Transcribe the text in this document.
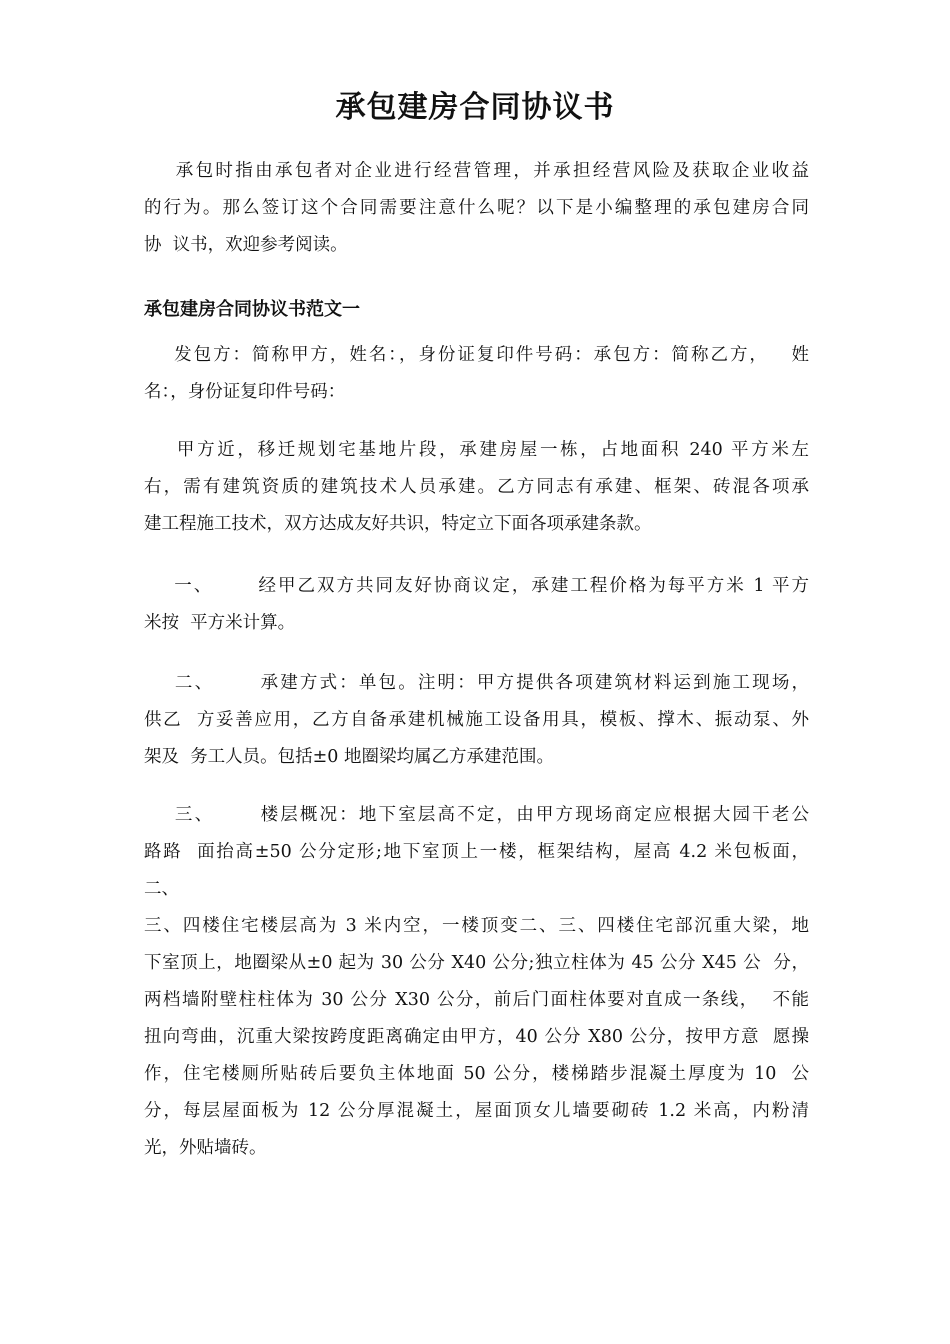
承包建房合同协议书
承包时指由承包者对企业进行经营管理，并承担经营风险及获取企业收益
的行为。那么签订这个合同需要注意什么呢？以下是小编整理的承包建房合同
协  议书，欢迎参考阅读。
承包建房合同协议书范文一
发包方：简称甲方，姓名：，身份证复印件号码：承包方：简称乙方，   姓
名：，身份证复印件号码：
甲方近，移迁规划宅基地片段，承建房屋一栋，占地面积 240 平方米左
右，需有建筑资质的建筑技术人员承建。乙方同志有承建、框架、砖混各项承
建工程施工技术，双方达成友好共识，特定立下面各项承建条款。
一、      经甲乙双方共同友好协商议定，承建工程价格为每平方米 1 平方
米按  平方米计算。
二、      承建方式：单包。注明：甲方提供各项建筑材料运到施工现场，
供乙  方妥善应用，乙方自备承建机械施工设备用具，模板、撑木、振动泵、外
架及  务工人员。包括±0 地圈梁均属乙方承建范围。
三、      楼层概况：地下室层高不定，由甲方现场商定应根据大园干老公
路路  面抬高±50 公分定形;地下室顶上一楼，框架结构，屋高 4.2 米包板面，
二、
三、四楼住宅楼层高为 3 米内空，一楼顶变二、三、四楼住宅部沉重大梁，地
下室顶上，地圈梁从±0 起为 30 公分 X40 公分;独立柱体为 45 公分 X45 公  分，
两档墙附壁柱柱体为 30 公分 X30 公分，前后门面柱体要对直成一条线，  不能
扭向弯曲，沉重大梁按跨度距离确定由甲方，40 公分 X80 公分，按甲方意  愿操
作，住宅楼厕所贴砖后要负主体地面 50 公分，楼梯踏步混凝土厚度为 10  公
分，每层屋面板为 12 公分厚混凝土，屋面顶女儿墙要砌砖 1.2 米高，内粉清
光，外贴墙砖。
